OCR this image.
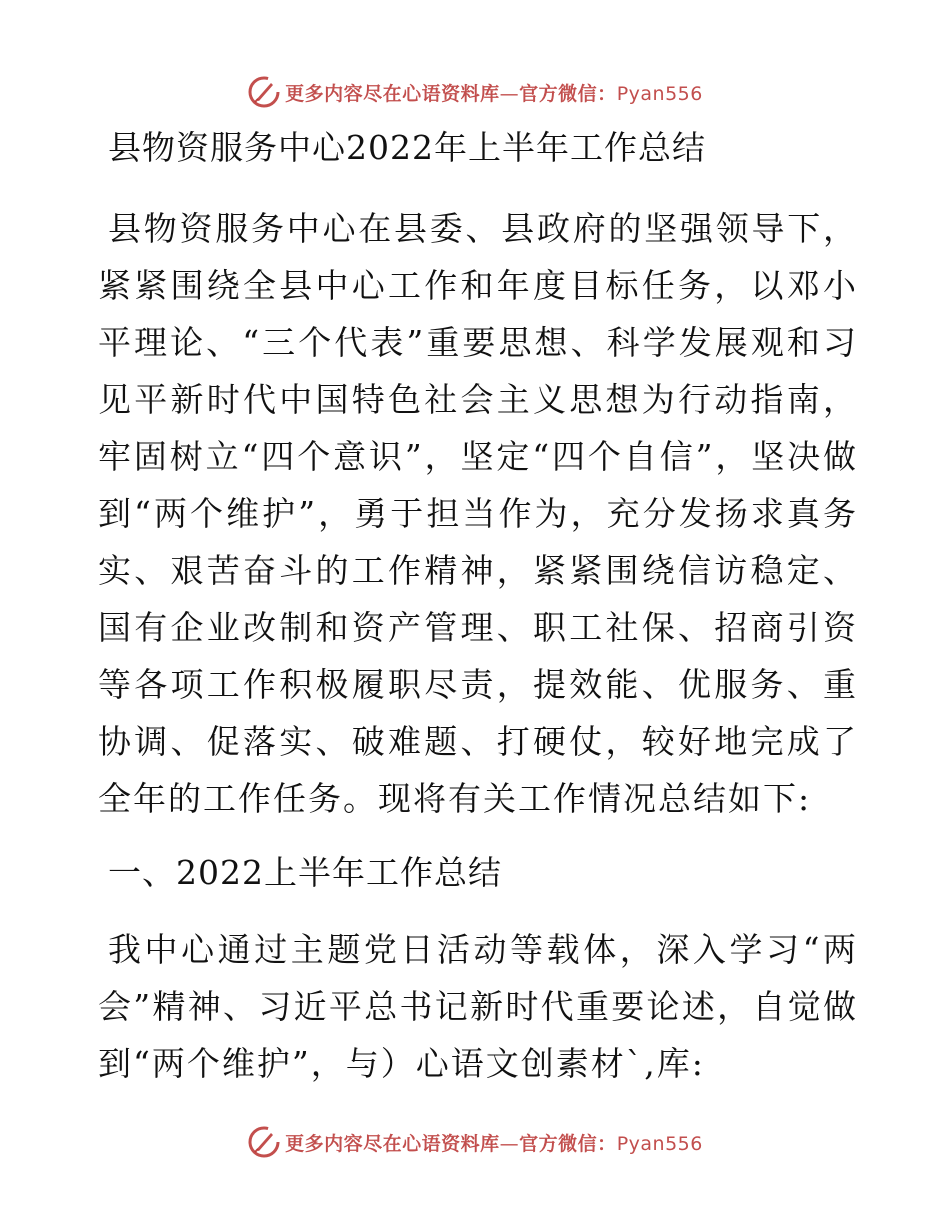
更多内容尽在心语资料库—官方微信：Pyan556
县物资服务中心2022年上半年工作总结

县物资服务中心在县委、县政府的坚强领导下，紧紧围绕全县中心工作和年度目标任务，以邓小平理论、“三个代表”重要思想、科学发展观和习见平新时代中国特色社会主义思想为行动指南，牢固树立“四个意识”，坚定“四个自信”，坚决做到“两个维护”，勇于担当作为，充分发扬求真务实、艰苦奋斗的工作精神，紧紧围绕信访稳定、国有企业改制和资产管理、职工社保、招商引资等各项工作积极履职尽责，提效能、优服务、重协调、促落实、破难题、打硬仗，较好地完成了全年的工作任务。现将有关工作情况总结如下:

一、2022上半年工作总结

我中心通过主题党日活动等载体，深入学习“两会”精神、习近平总书记新时代重要论述，自觉做到“两个维护”，与）心语文创素材`,库:

更多内容尽在心语资料库—官方微信：Pyan556
